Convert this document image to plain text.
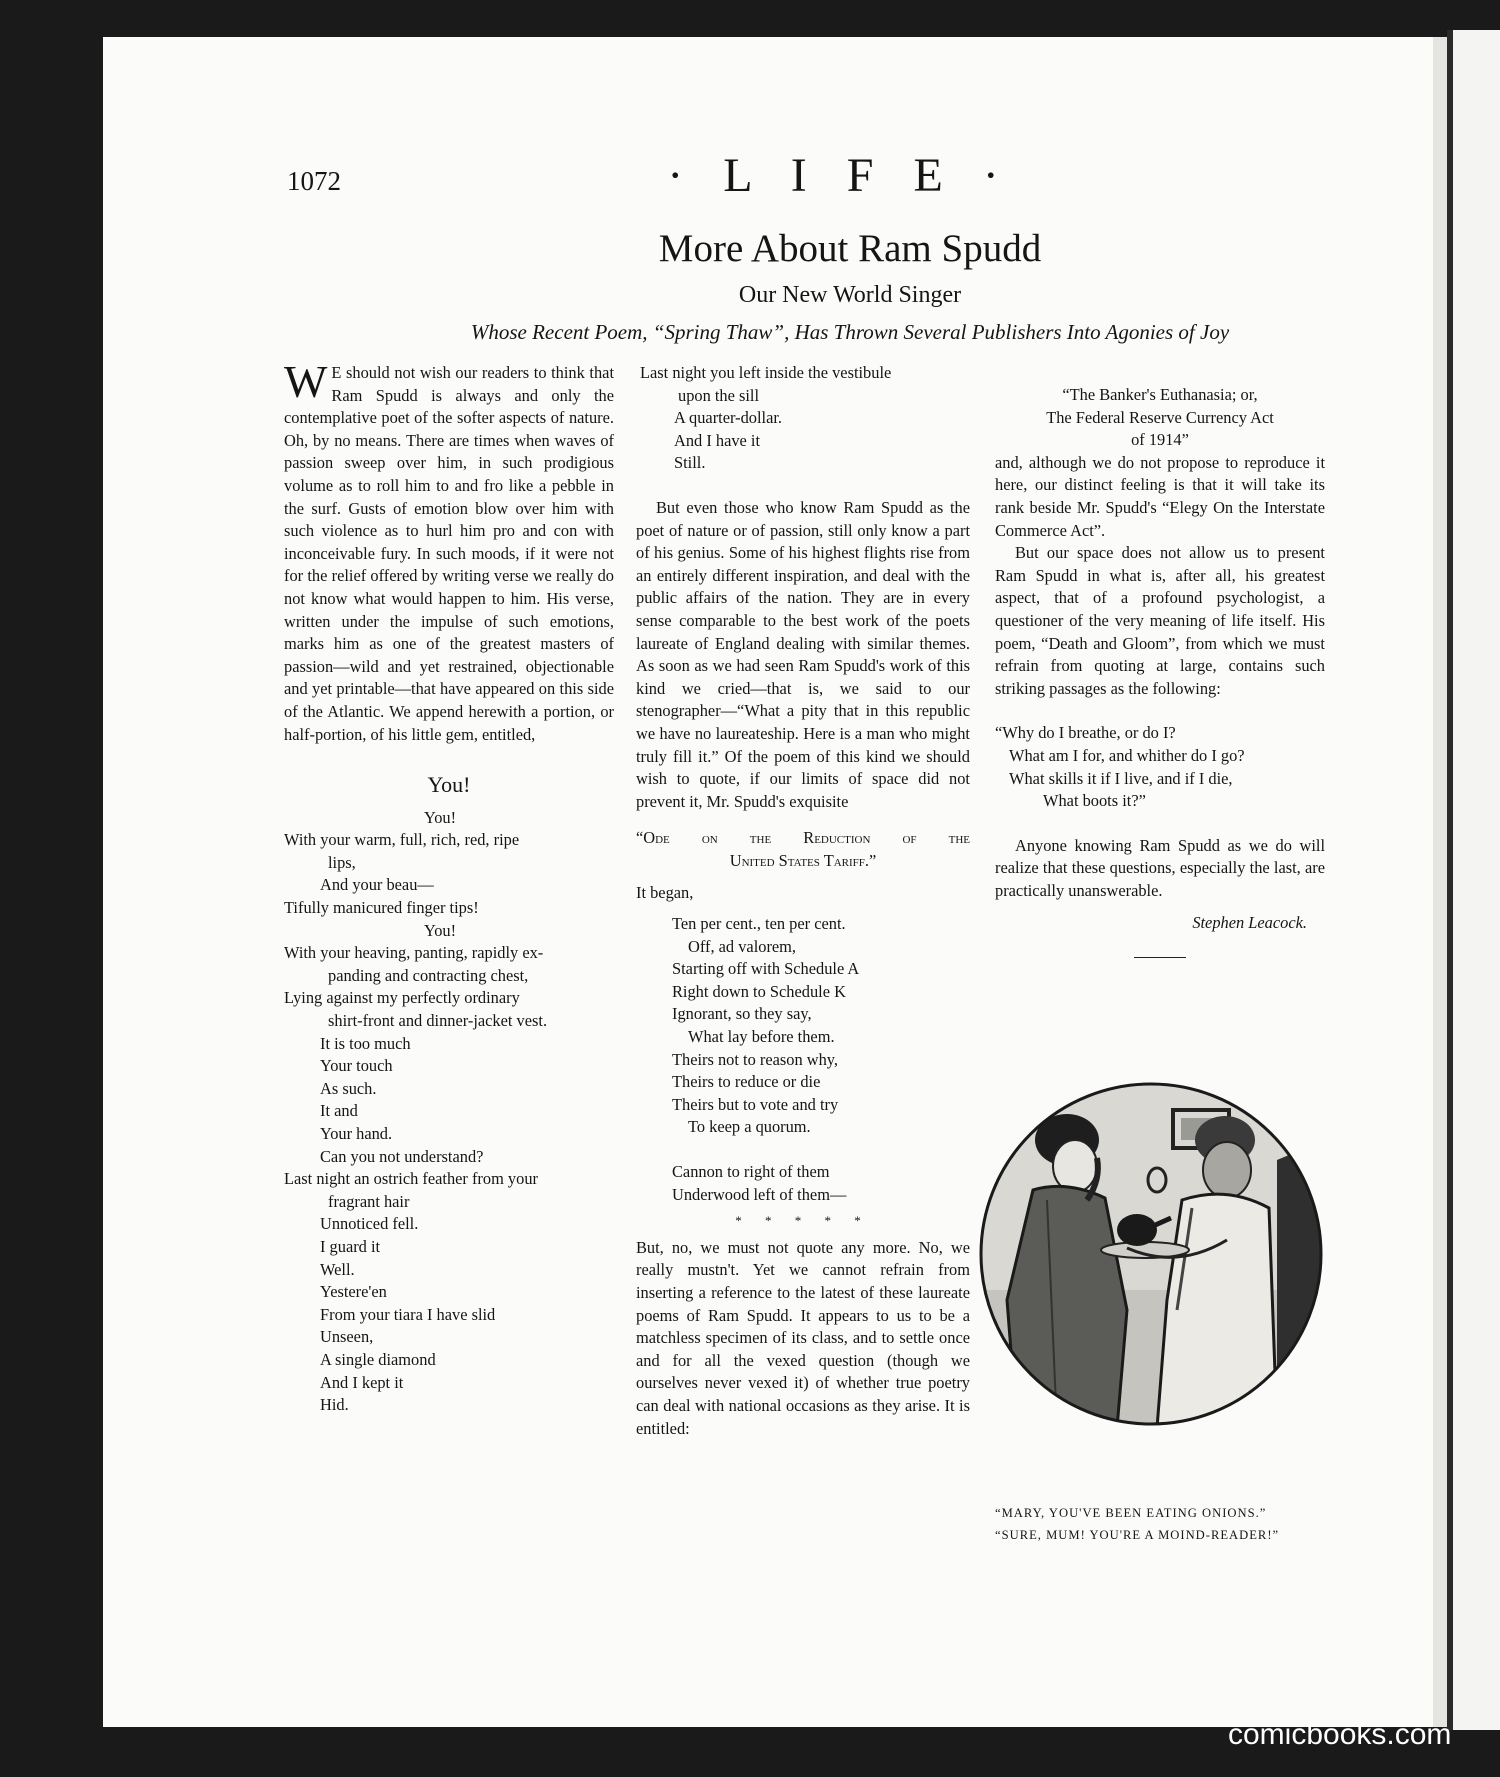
1072	· L I F E ·
More About Ram Spudd
Our New World Singer
Whose Recent Poem, “Spring Thaw”, Has Thrown Several Publishers Into Agonies of Joy

W E should not wish our readers to think that Ram Spudd is always and only the contemplative poet of the softer aspects of nature. Oh, by no means. There are times when waves of passion sweep over him, in such prodigious volume as to roll him to and fro like a pebble in the surf. Gusts of emotion blow over him with such violence as to hurl him pro and con with inconceivable fury. In such moods, if it were not for the relief offered by writing verse we really do not know what would happen to him. His verse, written under the impulse of such emotions, marks him as one of the greatest masters of passion—wild and yet restrained, objectionable and yet printable—that have appeared on this side of the Atlantic. We append herewith a portion, or half-portion, of his little gem, entitled,

You!
You!
With your warm, full, rich, red, ripe
lips,
And your beau—
Tifully manicured finger tips!
You!
With your heaving, panting, rapidly ex-
panding and contracting chest,
Lying against my perfectly ordinary
shirt-front and dinner-jacket vest.
It is too much
Your touch
As such.
It and
Your hand.
Can you not understand?
Last night an ostrich feather from your
fragrant hair
Unnoticed fell.
I guard it
Well.
Yestere'en
From your tiara I have slid
Unseen,
A single diamond
And I kept it
Hid.
Last night you left inside the vestibule
upon the sill
A quarter-dollar.
And I have it
Still.

But even those who know Ram Spudd as the poet of nature or of passion, still only know a part of his genius. Some of his highest flights rise from an entirely different inspiration, and deal with the public affairs of the nation. They are in every sense comparable to the best work of the poets laureate of England dealing with similar themes. As soon as we had seen Ram Spudd's work of this kind we cried—that is, we said to our stenographer—“What a pity that in this republic we have no laureateship. Here is a man who might truly fill it.” Of the poem of this kind we should wish to quote, if our limits of space did not prevent it, Mr. Spudd's exquisite

“Ode on the Reduction of the
United States Tariff.”
It began,
Ten per cent., ten per cent.
Off, ad valorem,
Starting off with Schedule A
Right down to Schedule K
Ignorant, so they say,
What lay before them.
Theirs not to reason why,
Theirs to reduce or die
Theirs but to vote and try
To keep a quorum.
Cannon to right of them
Underwood left of them—
* * * * *

But, no, we must not quote any more. No, we really mustn't. Yet we cannot refrain from inserting a reference to the latest of these laureate poems of Ram Spudd. It appears to us to be a matchless specimen of its class, and to settle once and for all the vexed question (though we ourselves never vexed it) of whether true poetry can deal with national occasions as they arise. It is entitled:

“The Banker's Euthanasia; or,
The Federal Reserve Currency Act
of 1914”

and, although we do not propose to reproduce it here, our distinct feeling is that it will take its rank beside Mr. Spudd's “Elegy On the Interstate Commerce Act”.

But our space does not allow us to present Ram Spudd in what is, after all, his greatest aspect, that of a profound psychologist, a questioner of the very meaning of life itself. His poem, “Death and Gloom”, from which we must refrain from quoting at large, contains such striking passages as the following:

“Why do I breathe, or do I?
What am I for, and whither do I go?
What skills it if I live, and if I die,
What boots it?”

Anyone knowing Ram Spudd as we do will realize that these questions, especially the last, are practically unanswerable.

Stephen Leacock.
“MARY, YOU'VE BEEN EATING ONIONS.”
“SURE, MUM! YOU'RE A MOIND-READER!”
comicbooks.com
